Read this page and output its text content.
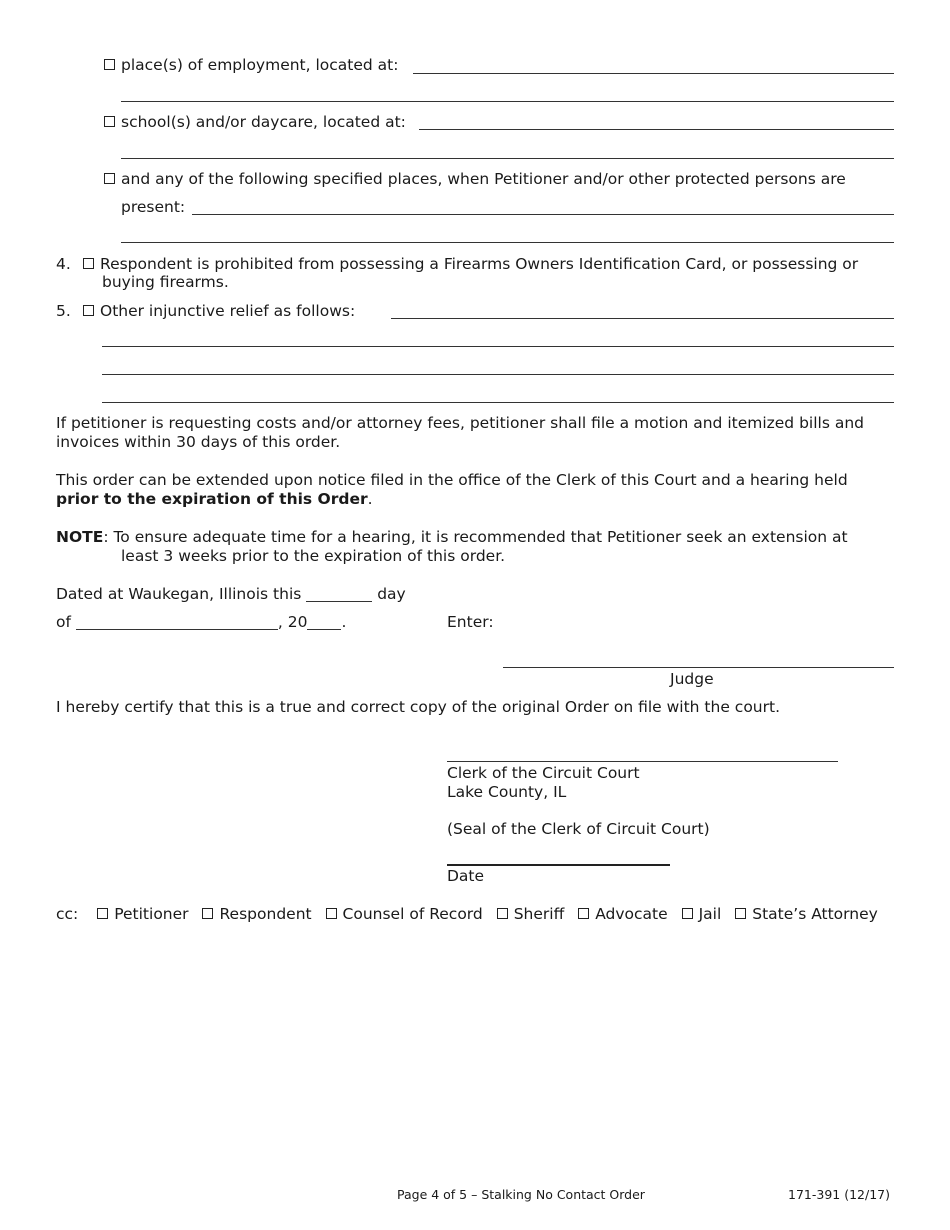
place(s) of employment, located at:
school(s) and/or daycare, located at:
and any of the following specified places, when Petitioner and/or other protected persons are
present:
4.	Respondent is prohibited from possessing a Firearms Owners Identification Card, or possessing or
buying firearms.
5.	Other injunctive relief as follows:
If petitioner is requesting costs and/or attorney fees, petitioner shall file a motion and itemized bills and
invoices within 30 days of this order.
This order can be extended upon notice filed in the office of the Clerk of this Court and a hearing held
prior to the expiration of this Order.
NOTE: To ensure adequate time for a hearing, it is recommended that Petitioner seek an extension at
least 3 weeks prior to the expiration of this order.
Dated at Waukegan, Illinois this	day
of	, 20 .	Enter:
Judge
I hereby certify that this is a true and correct copy of the original Order on file with the court.
Clerk of the Circuit Court
Lake County, IL
(Seal of the Clerk of Circuit Court)
Date
cc: Petitioner Respondent Counsel of Record Sheriff Advocate Jail State’s Attorney
Page 4 of 5 – Stalking No Contact Order	171-391 (12/17)
